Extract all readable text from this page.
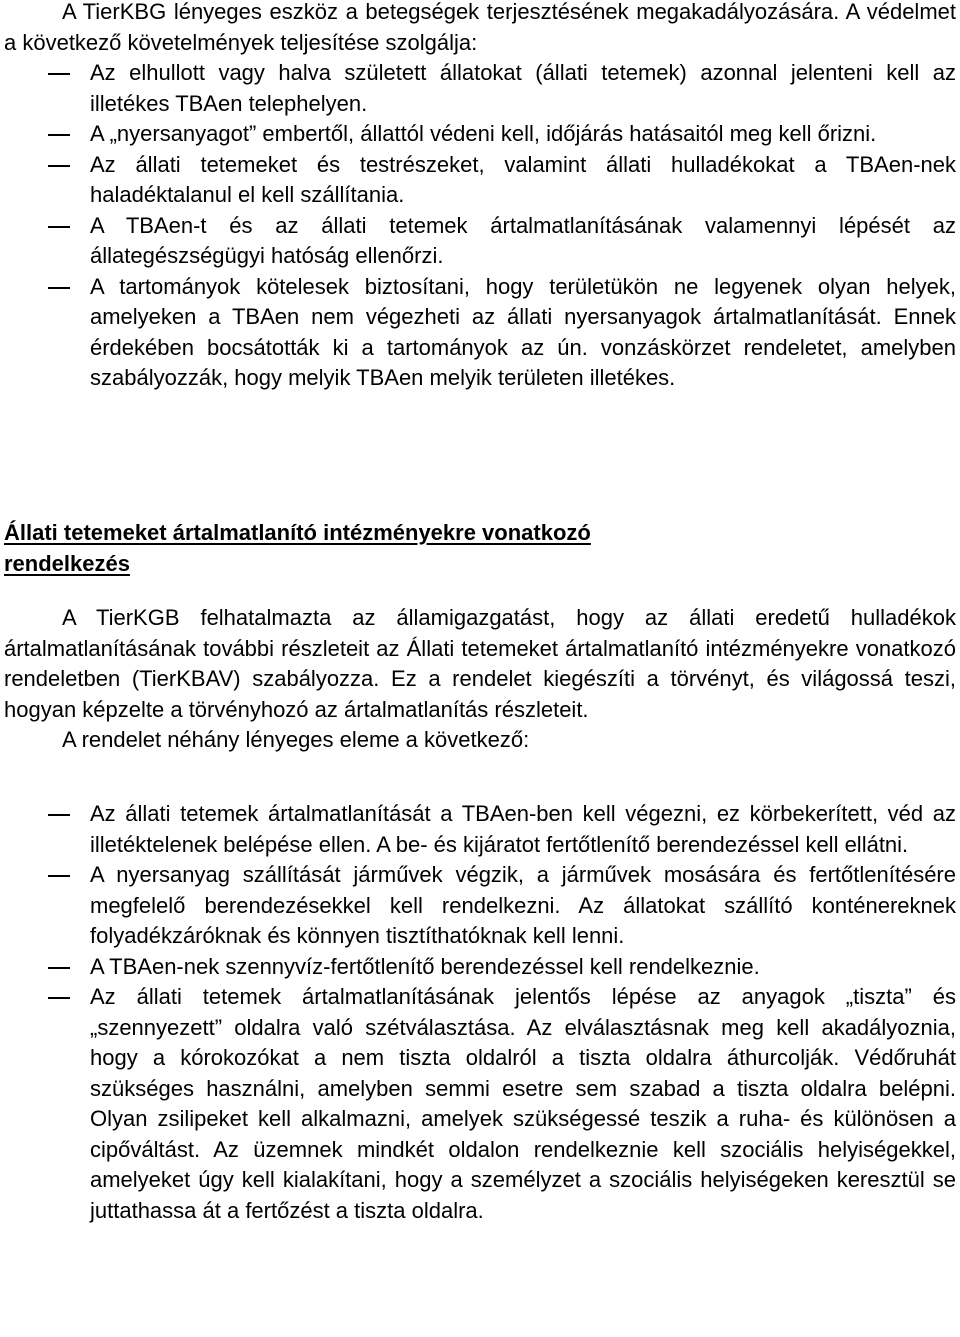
A TierKBG lényeges eszköz a betegségek terjesztésének megakadályozására. A védelmet a következő követelmények teljesítése szolgálja:

Az elhullott vagy halva született állatokat (állati tetemek) azonnal jelenteni kell az illetékes TBAen telephelyen.
A „nyersanyagot” embertől, állattól védeni kell, időjárás hatásaitól meg kell őrizni.
Az állati tetemeket és testrészeket, valamint állati hulladékokat a TBAen-nek haladéktalanul el kell szállítania.
A TBAen-t és az állati tetemek ártalmatlanításának valamennyi lépését az állategészségügyi hatóság ellenőrzi.
A tartományok kötelesek biztosítani, hogy területükön ne legyenek olyan helyek, amelyeken a TBAen nem végezheti az állati nyersanyagok ártalmatlanítását. Ennek érdekében bocsátották ki a tartományok az ún. vonzáskörzet rendeletet, amelyben szabályozzák, hogy melyik TBAen melyik területen illetékes.
Állati tetemeket ártalmatlanító intézményekre vonatkozó
rendelkezés

A TierKGB felhatalmazta az államigazgatást, hogy az állati eredetű hulladékok ártalmatlanításának további részleteit az Állati tetemeket ártalmatlanító intézményekre vonatkozó rendeletben (TierKBAV) szabályozza. Ez a rendelet kiegészíti a törvényt, és világossá teszi, hogyan képzelte a törvényhozó az ártalmatlanítás részleteit.

A rendelet néhány lényeges eleme a következő:

Az állati tetemek ártalmatlanítását a TBAen-ben kell végezni, ez körbekerített, véd az illetéktelenek belépése ellen. A be- és kijáratot fertőtlenítő berendezéssel kell ellátni.
A nyersanyag szállítását járművek végzik, a járművek mosására és fertőtlenítésére megfelelő berendezésekkel kell rendelkezni. Az állatokat szállító konténereknek folyadékzáróknak és könnyen tisztíthatóknak kell lenni.
A TBAen-nek szennyvíz-fertőtlenítő berendezéssel kell rendelkeznie.
Az állati tetemek ártalmatlanításának jelentős lépése az anyagok „tiszta” és „szennyezett” oldalra való szétválasztása. Az elválasztásnak meg kell akadályoznia, hogy a kórokozókat a nem tiszta oldalról a tiszta oldalra áthurcolják. Védőruhát szükséges használni, amelyben semmi esetre sem szabad a tiszta oldalra belépni. Olyan zsilipeket kell alkalmazni, amelyek szükségessé teszik a ruha- és különösen a cipőváltást. Az üzemnek mindkét oldalon rendelkeznie kell szociális helyiségekkel, amelyeket úgy kell kialakítani, hogy a személyzet a szociális helyiségeken keresztül se juttathassa át a fertőzést a tiszta oldalra.
